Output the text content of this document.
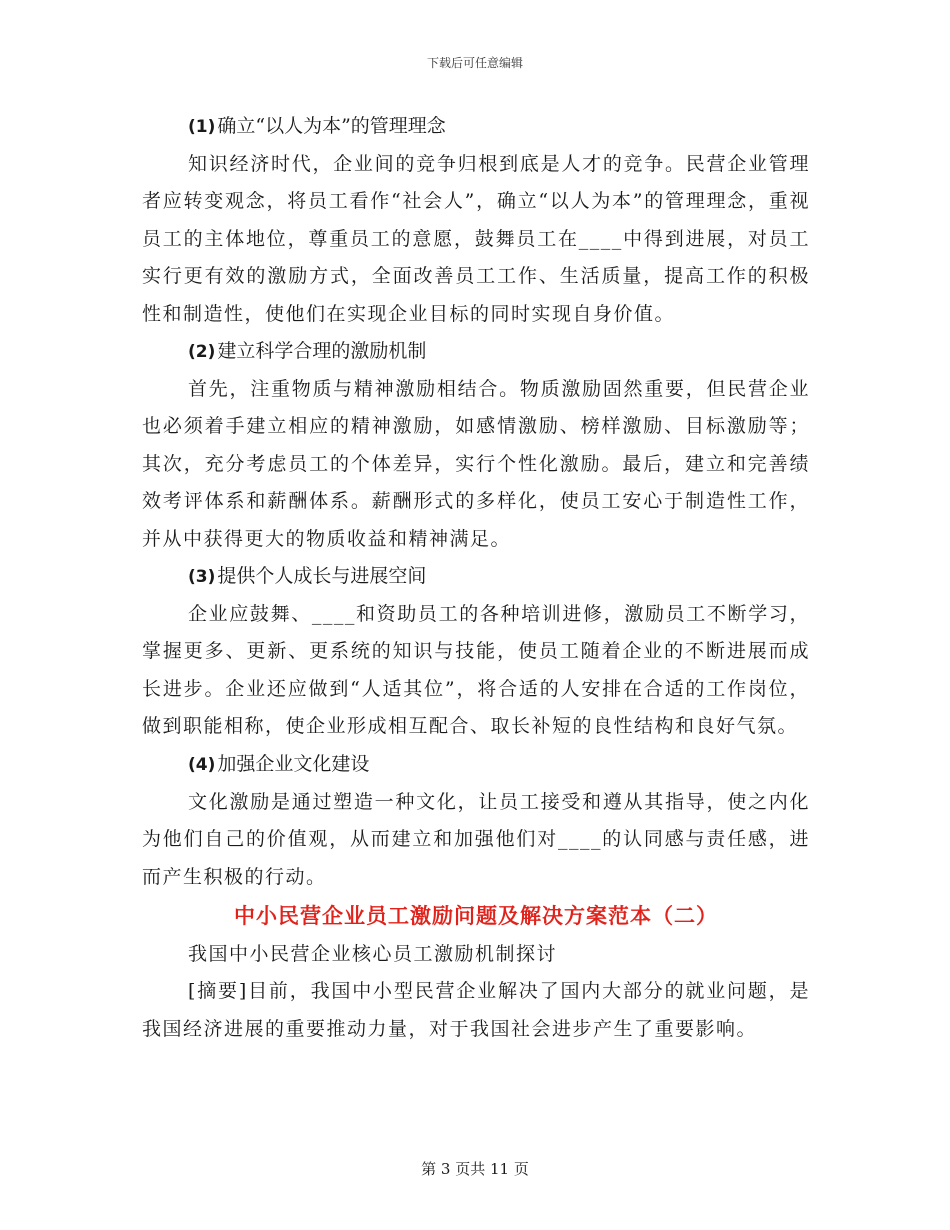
下载后可任意编辑

(1) 确立“以人为本”的管理理念

知识经济时代，企业间的竞争归根到底是人才的竞争。民营企业管理者应转变观念，将员工看作“社会人”，确立“以人为本”的管理理念，重视员工的主体地位，尊重员工的意愿，鼓舞员工在____中得到进展，对员工实行更有效的激励方式，全面改善员工工作、生活质量，提高工作的积极性和制造性，使他们在实现企业目标的同时实现自身价值。

(2) 建立科学合理的激励机制

首先，注重物质与精神激励相结合。物质激励固然重要，但民营企业也必须着手建立相应的精神激励，如感情激励、榜样激励、目标激励等；其次，充分考虑员工的个体差异，实行个性化激励。最后，建立和完善绩效考评体系和薪酬体系。薪酬形式的多样化，使员工安心于制造性工作，并从中获得更大的物质收益和精神满足。

(3) 提供个人成长与进展空间

企业应鼓舞、____和资助员工的各种培训进修，激励员工不断学习，掌握更多、更新、更系统的知识与技能，使员工随着企业的不断进展而成长进步。企业还应做到“人适其位”，将合适的人安排在合适的工作岗位，做到职能相称，使企业形成相互配合、取长补短的良性结构和良好气氛。

(4) 加强企业文化建设

文化激励是通过塑造一种文化，让员工接受和遵从其指导，使之内化为他们自己的价值观，从而建立和加强他们对____的认同感与责任感，进而产生积极的行动。

中小民营企业员工激励问题及解决方案范本（二）

我国中小民营企业核心员工激励机制探讨

[摘要]目前，我国中小型民营企业解决了国内大部分的就业问题，是我国经济进展的重要推动力量，对于我国社会进步产生了重要影响。

第 3 页共 11 页
